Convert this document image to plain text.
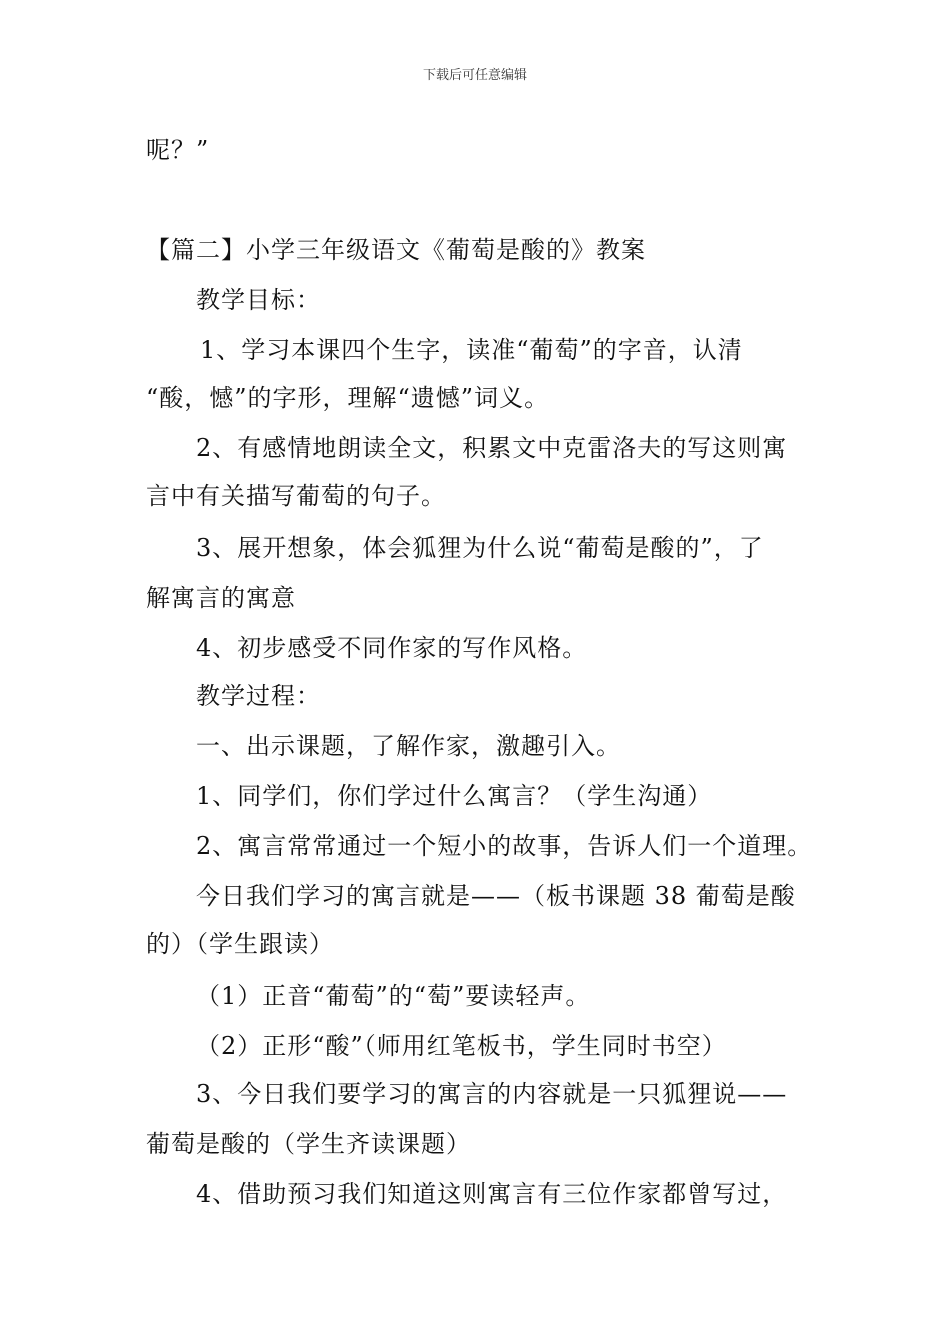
下载后可任意编辑
呢？”
【篇二】小学三年级语文《葡萄是酸的》教案
教学目标：
1、学习本课四个生字，读准“葡萄”的字音，认清
“酸，憾”的字形，理解“遗憾”词义。
2、有感情地朗读全文，积累文中克雷洛夫的写这则寓
言中有关描写葡萄的句子。
3、展开想象，体会狐狸为什么说“葡萄是酸的”，了
解寓言的寓意
4、初步感受不同作家的写作风格。
教学过程：
一、出示课题，了解作家，激趣引入。
1、同学们，你们学过什么寓言？（学生沟通）
2、寓言常常通过一个短小的故事，告诉人们一个道理。
今日我们学习的寓言就是——（板书课题 38 葡萄是酸
的）（学生跟读）
（1）正音“葡萄”的“萄”要读轻声。
（2）正形“酸”（师用红笔板书，学生同时书空）
3、今日我们要学习的寓言的内容就是一只狐狸说——
葡萄是酸的（学生齐读课题）
4、借助预习我们知道这则寓言有三位作家都曾写过，
